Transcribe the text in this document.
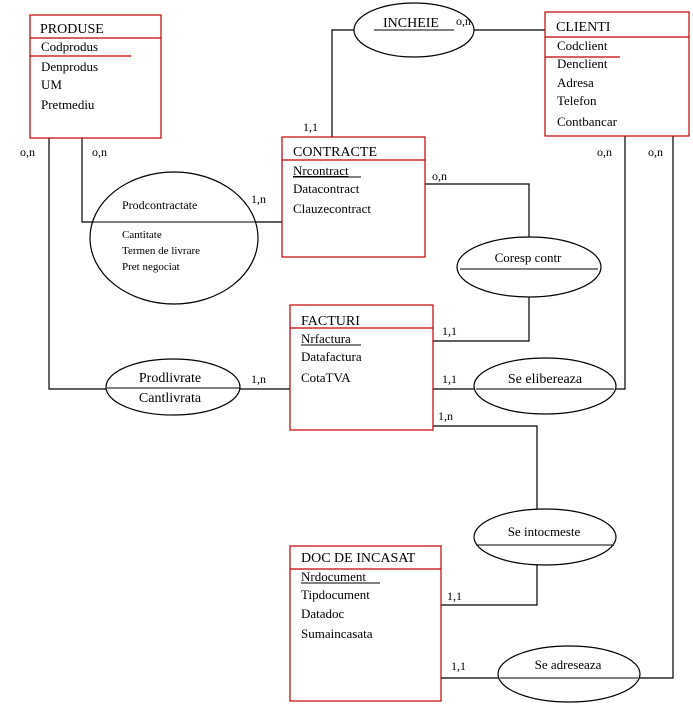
PRODUSE
Codprodus
Denprodus
UM
Pretmediu
CLIENTI
Codclient
Denclient
Adresa
Telefon
Contbancar
CONTRACTE
Nrcontract
Datacontract
Clauzecontract
FACTURI
Nrfactura
Datafactura
CotaTVA
DOC DE INCASAT
Nrdocument
Tipdocument
Datadoc
Sumaincasata
INCHEIE
Prodcontractate
Cantitate
Termen de livrare
Pret negociat
Coresp contr
Prodlivrate
Cantlivrata
Se elibereaza
Se intocmeste
Se adreseaza
o,n
1,1
o,n	o,n
1,n
o,n
1,1
1,n	1,1
o,n	o,n
1,n
1,1
1,1
